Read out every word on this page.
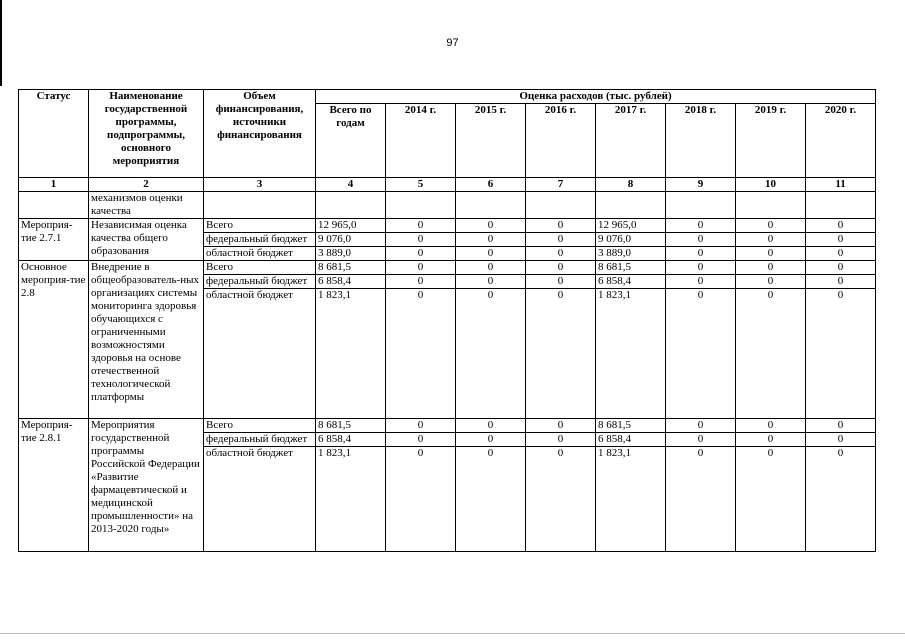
97
Статус	Наименование государственной программы, подпрограммы, основного мероприятия	Объем финансирования, источники финансирования	Оценка расходов (тыс. рублей)							
			Всего по годам	2014 г.	2015 г.	2016 г.	2017 г.	2018 г.	2019 г.	2020 г.
1	2	3	4	5	6	7	8	9	10	11
	механизмов оценки качества									
Мероприя-тие 2.7.1	Независимая оценка качества общего образования	Всего	12 965,0	0	0	0	12 965,0	0	0	0
		федеральный бюджет	9 076,0	0	0	0	9 076,0	0	0	0
		областной бюджет	3 889,0	0	0	0	3 889,0	0	0	0
Основное мероприя-тие 2.8	Внедрение в общеобразователь-ных организациях системы мониторинга здоровья обучающихся с ограниченными возможностями здоровья на основе отечественной технологической платформы	Всего	8 681,5	0	0	0	8 681,5	0	0	0
		федеральный бюджет	6 858,4	0	0	0	6 858,4	0	0	0
		областной бюджет	1 823,1	0	0	0	1 823,1	0	0	0
Мероприя-тие 2.8.1	Мероприятия государственной программы Российской Федерации «Развитие фармацевтической и медицинской промышленности» на 2013-2020 годы»	Всего	8 681,5	0	0	0	8 681,5	0	0	0
		федеральный бюджет	6 858,4	0	0	0	6 858,4	0	0	0
		областной бюджет	1 823,1	0	0	0	1 823,1	0	0	0
